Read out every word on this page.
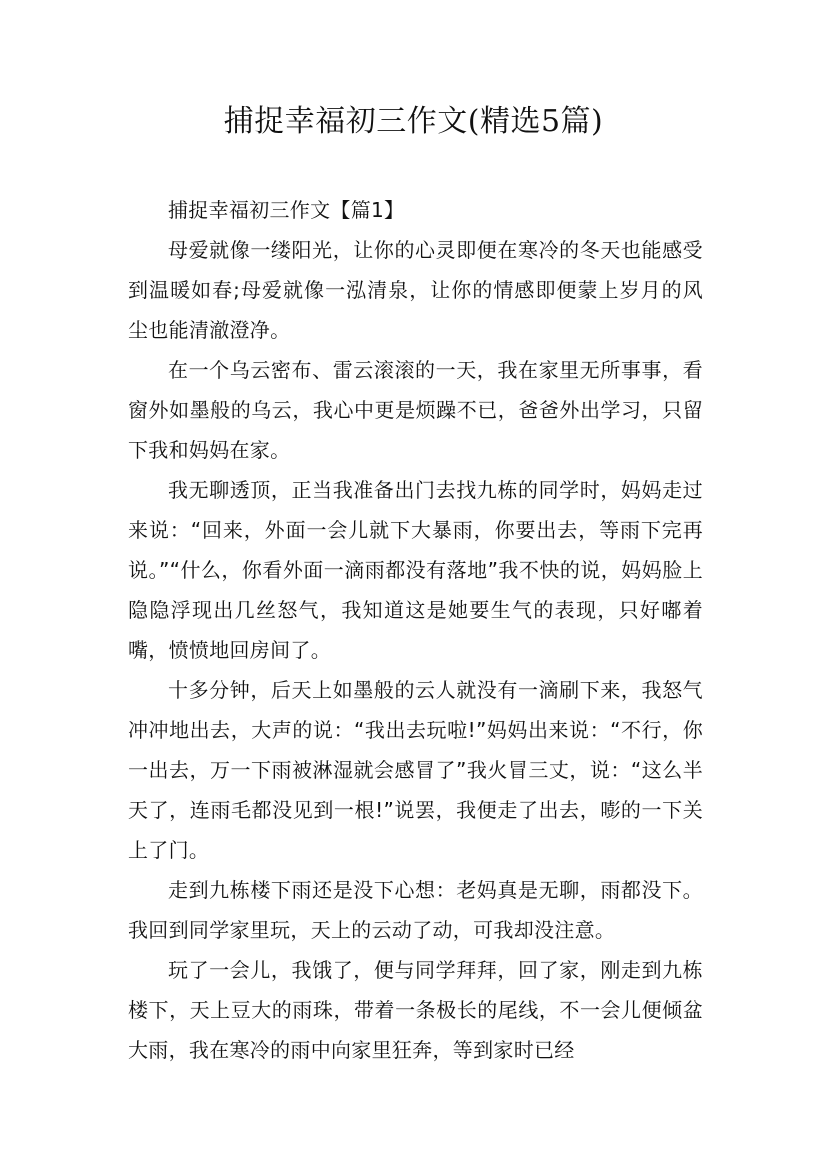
捕捉幸福初三作文(精选5篇)

捕捉幸福初三作文【篇1】

母爱就像一缕阳光，让你的心灵即便在寒冷的冬天也能感受到温暖如春;母爱就像一泓清泉，让你的情感即便蒙上岁月的风尘也能清澈澄净。

在一个乌云密布、雷云滚滚的一天，我在家里无所事事，看窗外如墨般的乌云，我心中更是烦躁不已，爸爸外出学习，只留下我和妈妈在家。

我无聊透顶，正当我准备出门去找九栋的同学时，妈妈走过来说：“回来，外面一会儿就下大暴雨，你要出去，等雨下完再说。”“什么，你看外面一滴雨都没有落地”我不快的说，妈妈脸上隐隐浮现出几丝怒气，我知道这是她要生气的表现，只好嘟着嘴，愤愤地回房间了。

十多分钟，后天上如墨般的云人就没有一滴刷下来，我怒气冲冲地出去，大声的说：“我出去玩啦!”妈妈出来说：“不行，你一出去，万一下雨被淋湿就会感冒了”我火冒三丈，说：“这么半天了，连雨毛都没见到一根!”说罢，我便走了出去，嘭的一下关上了门。

走到九栋楼下雨还是没下心想：老妈真是无聊，雨都没下。我回到同学家里玩，天上的云动了动，可我却没注意。

玩了一会儿，我饿了，便与同学拜拜，回了家，刚走到九栋楼下，天上豆大的雨珠，带着一条极长的尾线，不一会儿便倾盆大雨，我在寒冷的雨中向家里狂奔，等到家时已经
